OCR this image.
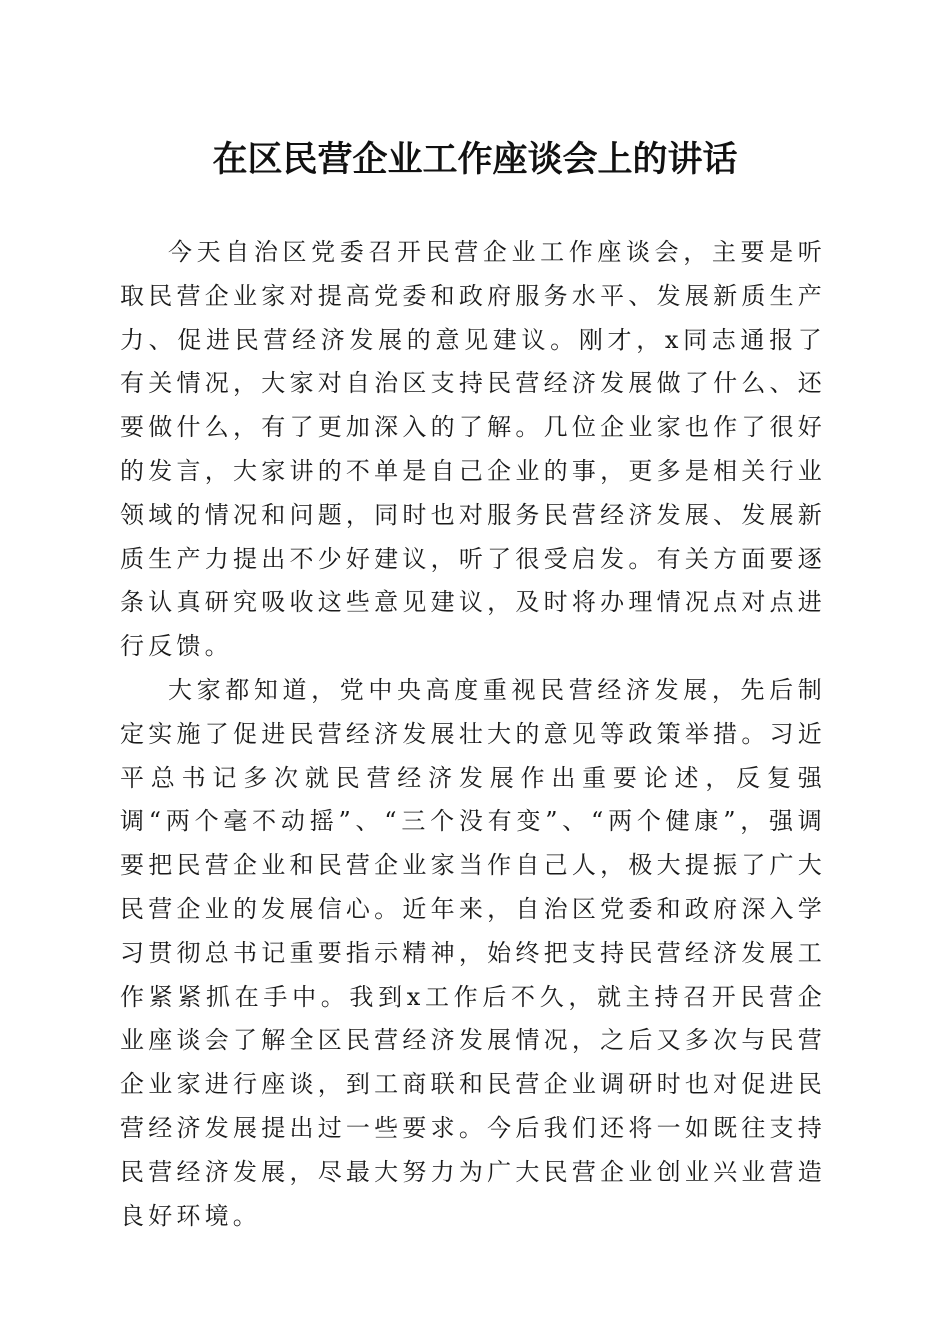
在区民营企业工作座谈会上的讲话

今天自治区党委召开民营企业工作座谈会，主要是听取民营企业家对提高党委和政府服务水平、发展新质生产力、促进民营经济发展的意见建议。刚才，x同志通报了有关情况，大家对自治区支持民营经济发展做了什么、还要做什么，有了更加深入的了解。几位企业家也作了很好的发言，大家讲的不单是自己企业的事，更多是相关行业领域的情况和问题，同时也对服务民营经济发展、发展新质生产力提出不少好建议，听了很受启发。有关方面要逐条认真研究吸收这些意见建议，及时将办理情况点对点进行反馈。

大家都知道，党中央高度重视民营经济发展，先后制定实施了促进民营经济发展壮大的意见等政策举措。习近平总书记多次就民营经济发展作出重要论述，反复强调“两个毫不动摇”、“三个没有变”、“两个健康”，强调要把民营企业和民营企业家当作自己人，极大提振了广大民营企业的发展信心。近年来，自治区党委和政府深入学习贯彻总书记重要指示精神，始终把支持民营经济发展工作紧紧抓在手中。我到x工作后不久，就主持召开民营企业座谈会了解全区民营经济发展情况，之后又多次与民营企业家进行座谈，到工商联和民营企业调研时也对促进民营经济发展提出过一些要求。今后我们还将一如既往支持民营经济发展，尽最大努力为广大民营企业创业兴业营造良好环境。
